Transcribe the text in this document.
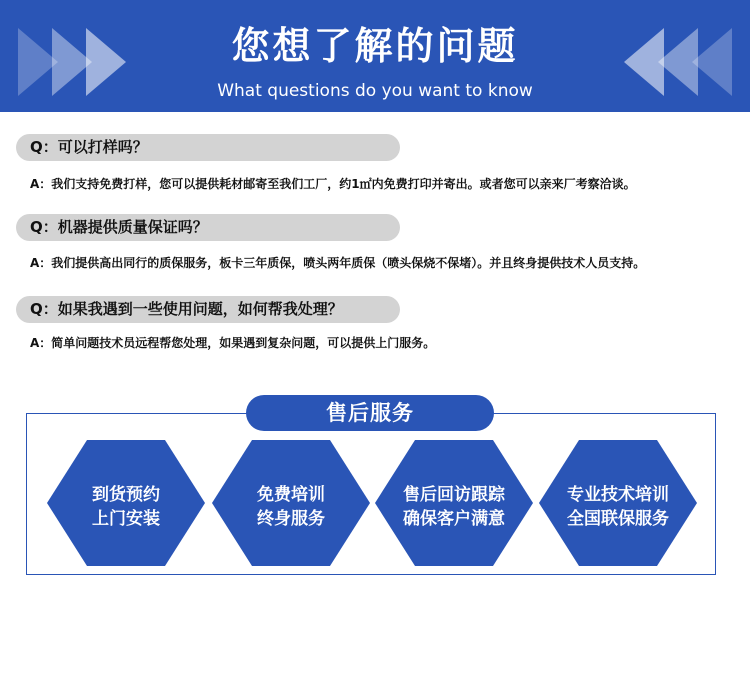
您想了解的问题
What questions do you want to know
Q：可以打样吗？
A：我们支持免费打样，您可以提供耗材邮寄至我们工厂，约1㎡内免费打印并寄出。或者您可以亲来厂考察洽谈。
Q：机器提供质量保证吗？
A：我们提供高出同行的质保服务，板卡三年质保，喷头两年质保（喷头保烧不保堵）。并且终身提供技术人员支持。
Q：如果我遇到一些使用问题，如何帮我处理？
A：简单问题技术员远程帮您处理，如果遇到复杂问题，可以提供上门服务。
售后服务
到货预约
上门安装
免费培训
终身服务
售后回访跟踪
确保客户满意
专业技术培训
全国联保服务
